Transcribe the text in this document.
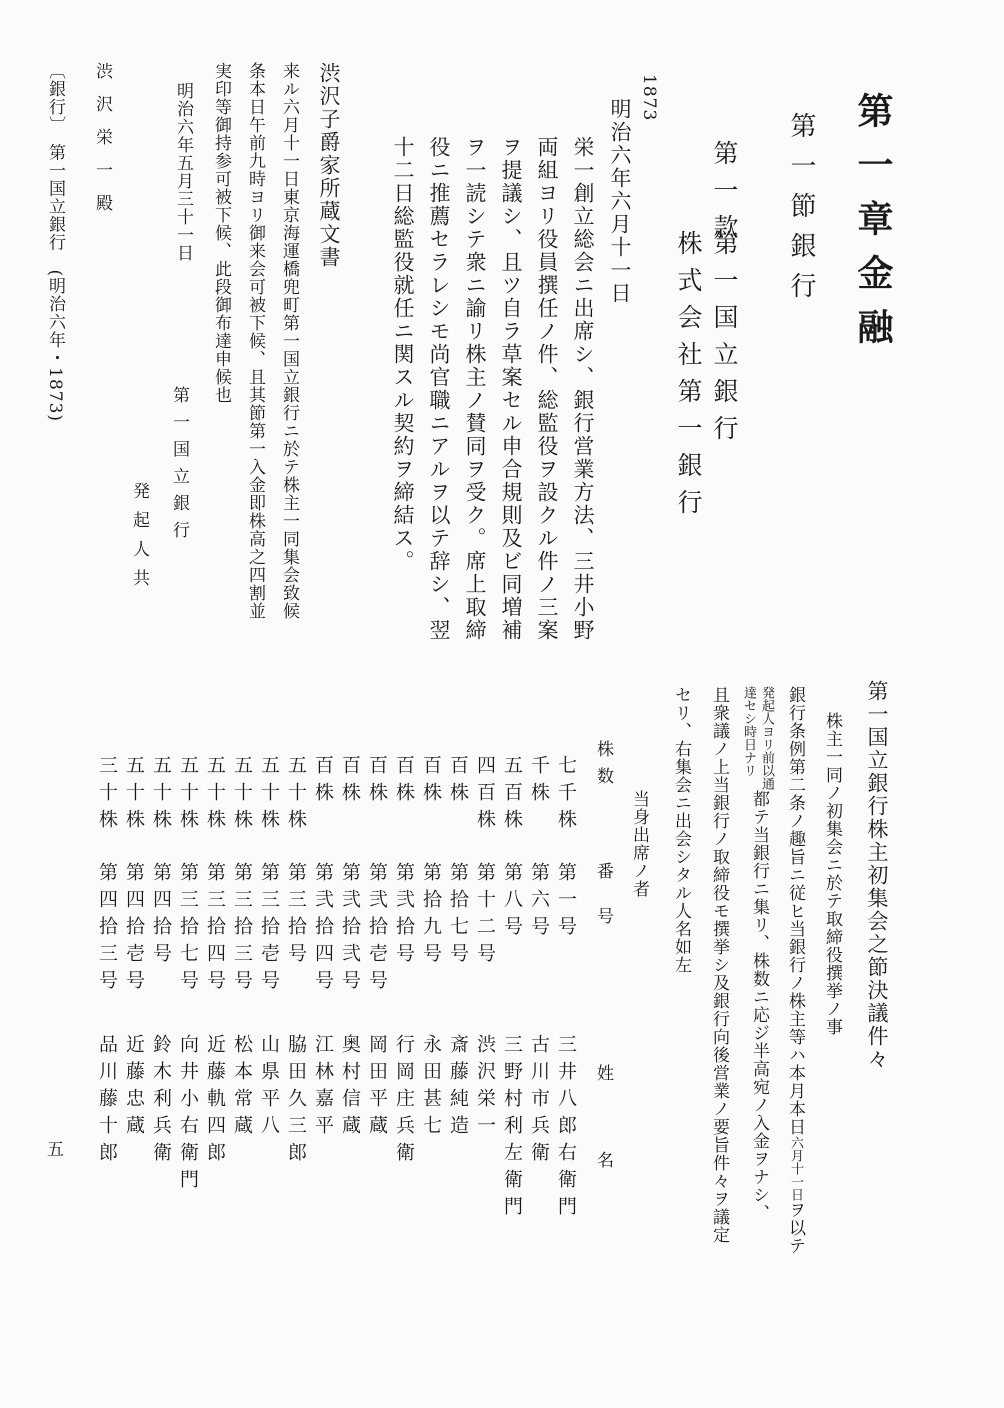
第一章金融
第一節銀行
第一款
第一国立銀行
株式会社第一銀行
1873
明治六年六月十一日
栄一創立総会ニ出席シ、銀行営業方法、三井小野
両組ヨリ役員撰任ノ件、総監役ヲ設クル件ノ三案
ヲ提議シ、且ツ自ラ草案セル申合規則及ビ同増補
ヲ一読シテ衆ニ諭リ株主ノ賛同ヲ受ク。席上取締
役ニ推薦セラレシモ尚官職ニアルヲ以テ辞シ、翌
十二日総監役就任ニ関スル契約ヲ締結ス。
渋沢子爵家所蔵文書
来ル六月十一日東京海運橋兜町第一国立銀行ニ於テ株主一同集会致候
条本日午前九時ヨリ御来会可被下候、且其節第一入金即株高之四割並
実印等御持参可被下候、此段御布達申候也
明治六年五月三十一日
第一国立銀行
発起人共
渋沢栄一殿
〔銀行〕　第一国立銀行　(明治六年・1873)
第一国立銀行株主初集会之節決議件々
株主一同ノ初集会ニ於テ取締役撰挙ノ事
銀行条例第二条ノ趣旨ニ従ヒ当銀行ノ株主等ハ本月本日六月十一日ヲ以テ
発起人ヨリ前以通
達セシ時日ナリ
都テ当銀行ニ集リ、株数ニ応ジ半高宛ノ入金ヲナシ、
且衆議ノ上当銀行ノ取締役モ撰挙シ及銀行向後営業ノ要旨件々ヲ議定
セリ、右集会ニ出会シタル人名如左
当身出席ノ者
株数
番号
姓名
七千株
第一号
三井八郎右衛門
千株
第六号
古川市兵衛
五百株
第八号
三野村利左衛門
四百株
第十二号
渋沢栄一
百株
第拾七号
斎藤純造
百株
第拾九号
永田甚七
百株
第弐拾号
行岡庄兵衛
百株
第弐拾壱号
岡田平蔵
百株
第弐拾弐号
奥村信蔵
百株
第弐拾四号
江林嘉平
五十株
第三拾号
脇田久三郎
五十株
第三拾壱号
山県平八
五十株
第三拾三号
松本常蔵
五十株
第三拾四号
近藤軌四郎
五十株
第三拾七号
向井小右衛門
五十株
第四拾号
鈴木利兵衛
五十株
第四拾壱号
近藤忠蔵
三十株
第四拾三号
品川藤十郎
五
